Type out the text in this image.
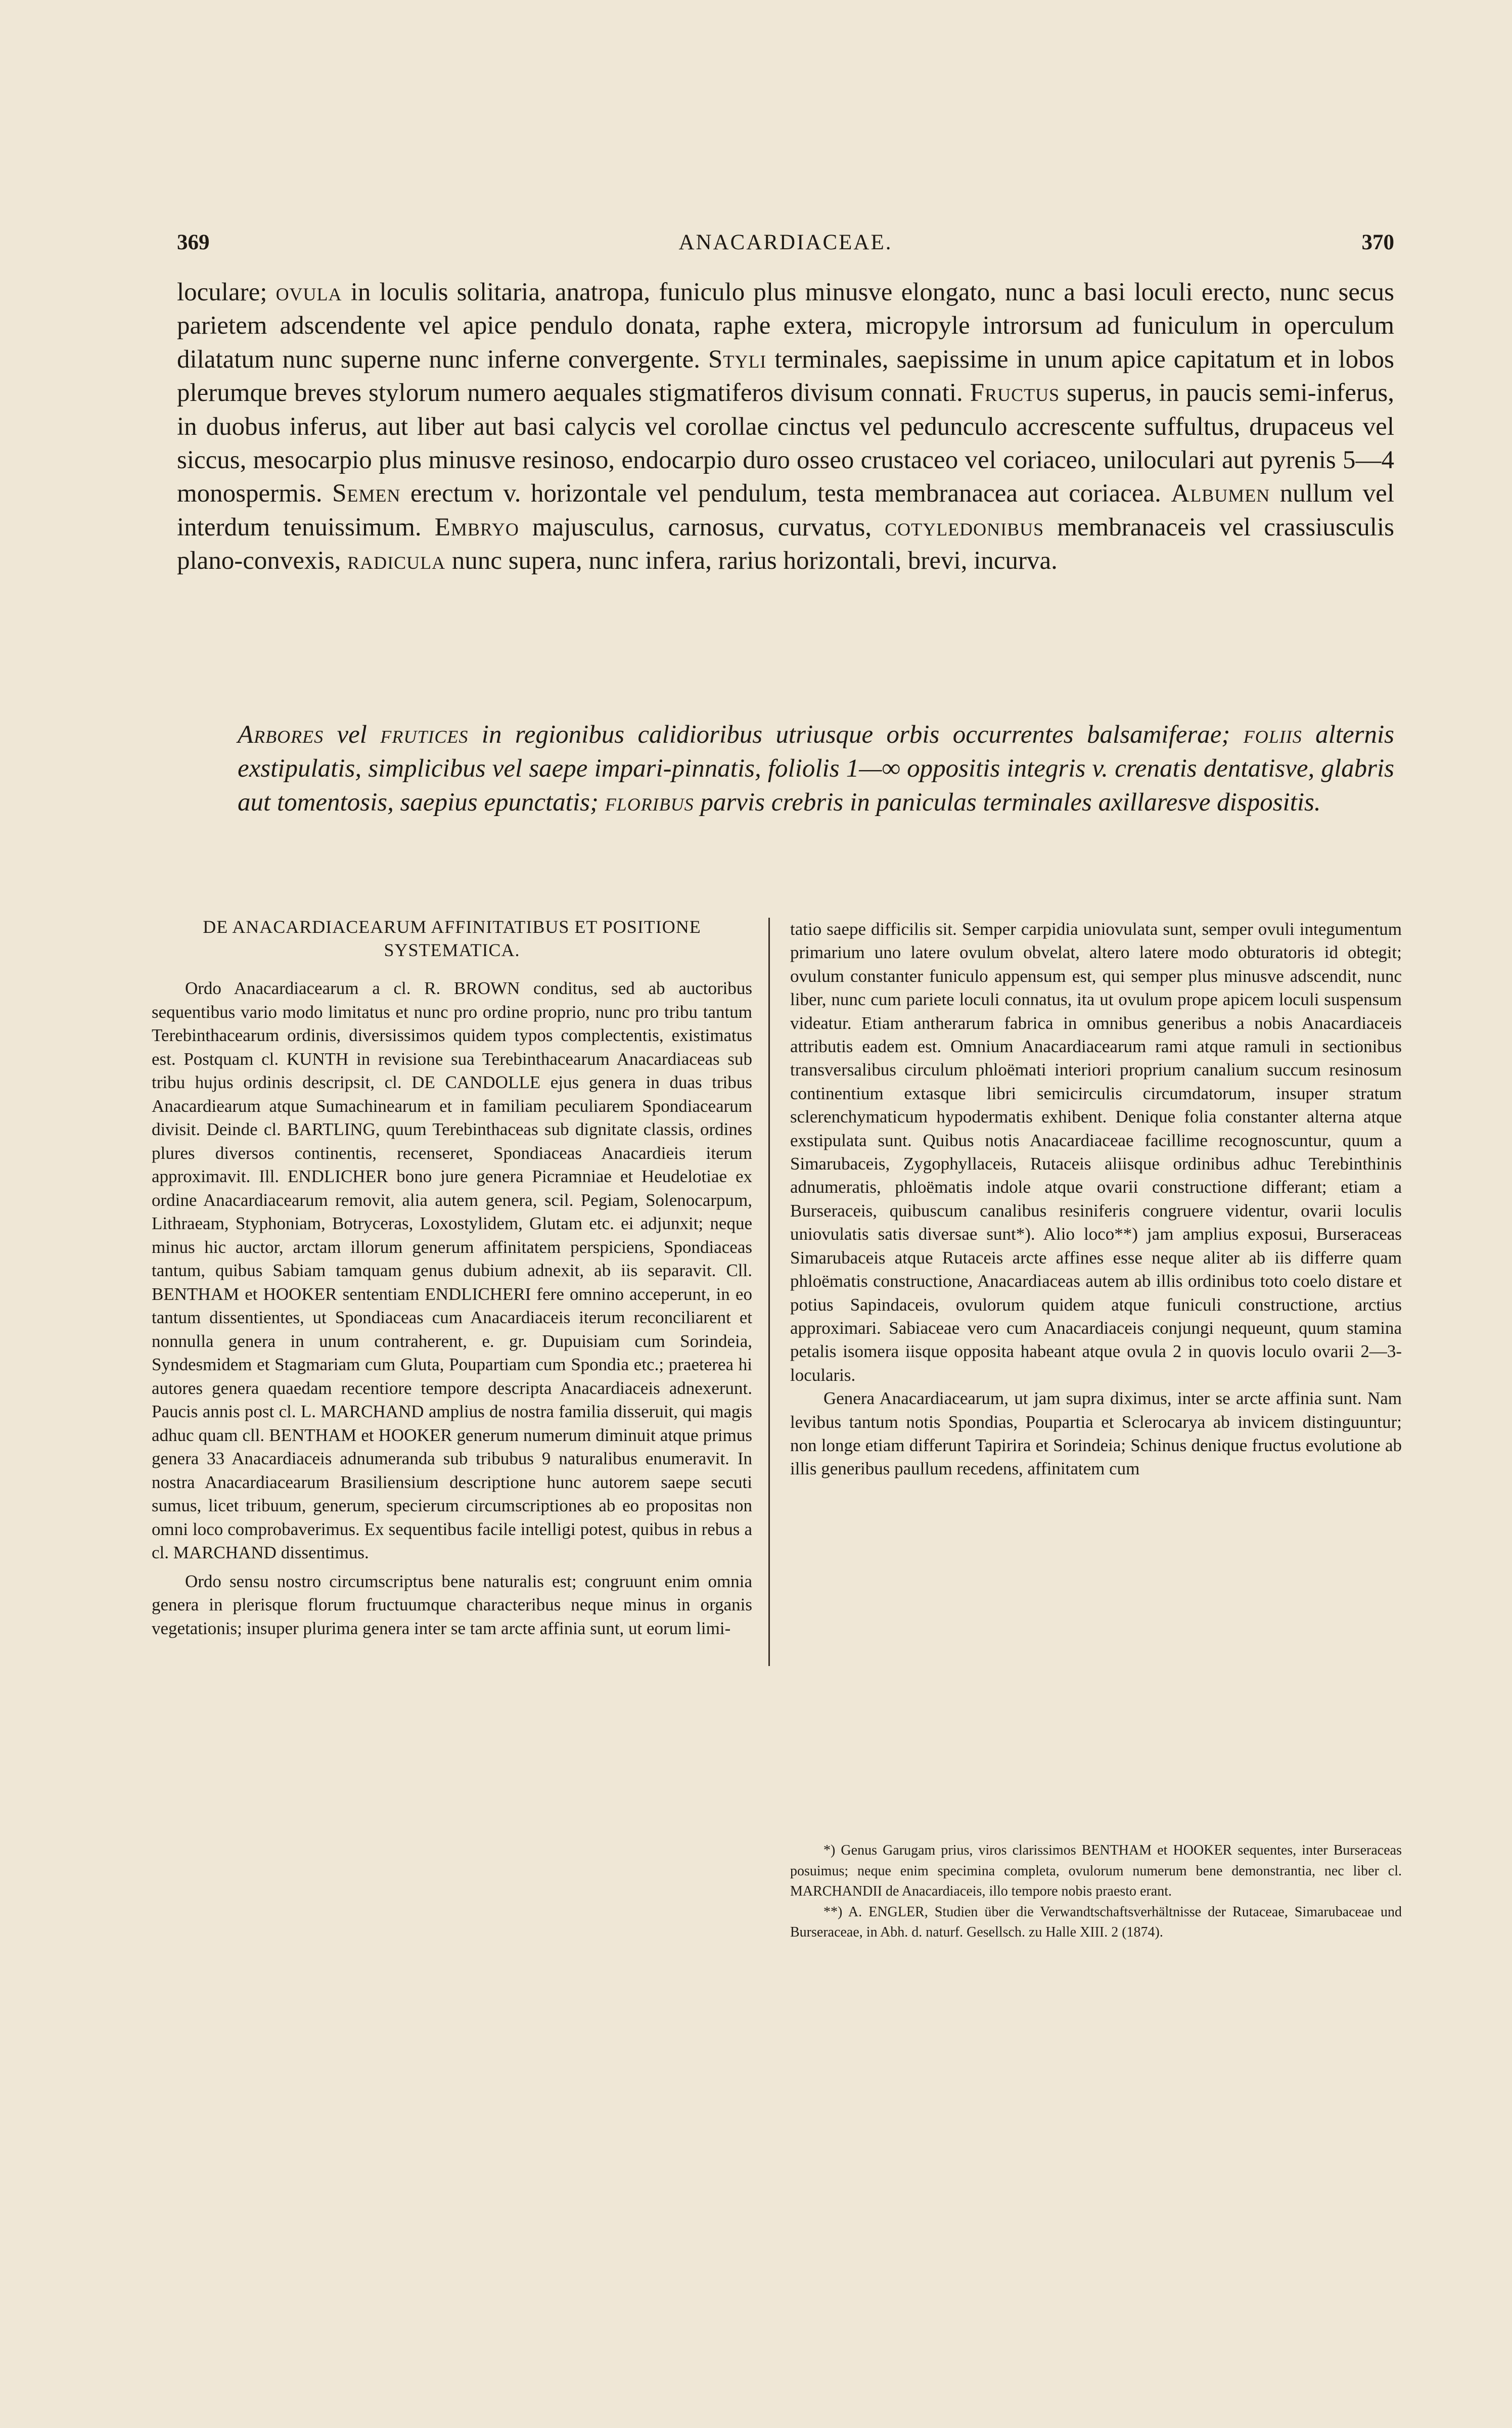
369	ANACARDIACEAE.	370

loculare; ovula in loculis solitaria, anatropa, funiculo plus minusve elongato, nunc a basi loculi erecto, nunc secus parietem adscendente vel apice pendulo donata, raphe extera, micropyle introrsum ad funiculum in operculum dilatatum nunc superne nunc inferne convergente. Styli terminales, saepissime in unum apice capitatum et in lobos plerumque breves stylorum numero aequales stigmatiferos divisum connati. Fructus superus, in paucis semi-inferus, in duobus inferus, aut liber aut basi calycis vel corollae cinctus vel pedunculo accrescente suffultus, drupaceus vel siccus, mesocarpio plus minusve resinoso, endocarpio duro osseo crustaceo vel coriaceo, uniloculari aut pyrenis 5—4 monospermis. Semen erectum v. horizontale vel pendulum, testa membranacea aut coriacea. Albumen nullum vel interdum tenuissimum. Embryo majusculus, carnosus, curvatus, cotyledonibus membranaceis vel crassiusculis plano-convexis, radicula nunc supera, nunc infera, rarius horizontali, brevi, incurva.

Arbores vel frutices in regionibus calidioribus utriusque orbis occurrentes balsamiferae; foliis alternis exstipulatis, simplicibus vel saepe impari-pinnatis, foliolis 1—∞ oppositis integris v. crenatis dentatisve, glabris aut tomentosis, saepius epunctatis; floribus parvis crebris in paniculas terminales axillaresve dispositis.

DE ANACARDIACEARUM AFFINITATIBUS ET POSITIONE SYSTEMATICA.

Ordo Anacardiacearum a cl. R. BROWN conditus, sed ab auctoribus sequentibus vario modo limitatus et nunc pro ordine proprio, nunc pro tribu tantum Terebinthacearum ordinis, diversissimos quidem typos complectentis, existimatus est. Postquam cl. KUNTH in revisione sua Terebinthacearum Anacardiaceas sub tribu hujus ordinis descripsit, cl. DE CANDOLLE ejus genera in duas tribus Anacardiearum atque Sumachinearum et in familiam peculiarem Spondiacearum divisit. Deinde cl. BARTLING, quum Terebinthaceas sub dignitate classis, ordines plures diversos continentis, recenseret, Spondiaceas Anacardieis iterum approximavit. Ill. ENDLICHER bono jure genera Picramniae et Heudelotiae ex ordine Anacardiacearum removit, alia autem genera, scil. Pegiam, Solenocarpum, Lithraeam, Styphoniam, Botryceras, Loxostylidem, Glutam etc. ei adjunxit; neque minus hic auctor, arctam illorum generum affinitatem perspiciens, Spondiaceas tantum, quibus Sabiam tamquam genus dubium adnexit, ab iis separavit. Cll. BENTHAM et HOOKER sententiam ENDLICHERI fere omnino acceperunt, in eo tantum dissentientes, ut Spondiaceas cum Anacardiaceis iterum reconciliarent et nonnulla genera in unum contraherent, e. gr. Dupuisiam cum Sorindeia, Syndesmidem et Stagmariam cum Gluta, Poupartiam cum Spondia etc.; praeterea hi autores genera quaedam recentiore tempore descripta Anacardiaceis adnexerunt. Paucis annis post cl. L. MARCHAND amplius de nostra familia disseruit, qui magis adhuc quam cll. BENTHAM et HOOKER generum numerum diminuit atque primus genera 33 Anacardiaceis adnumeranda sub tribubus 9 naturalibus enumeravit. In nostra Anacardiacearum Brasiliensium descriptione hunc autorem saepe secuti sumus, licet tribuum, generum, specierum circumscriptiones ab eo propositas non omni loco comprobaverimus. Ex sequentibus facile intelligi potest, quibus in rebus a cl. MARCHAND dissentimus.

Ordo sensu nostro circumscriptus bene naturalis est; congruunt enim omnia genera in plerisque florum fructuumque characteribus neque minus in organis vegetationis; insuper plurima genera inter se tam arcte affinia sunt, ut eorum limi-

tatio saepe difficilis sit. Semper carpidia uniovulata sunt, semper ovuli integumentum primarium uno latere ovulum obvelat, altero latere modo obturatoris id obtegit; ovulum constanter funiculo appensum est, qui semper plus minusve adscendit, nunc liber, nunc cum pariete loculi connatus, ita ut ovulum prope apicem loculi suspensum videatur. Etiam antherarum fabrica in omnibus generibus a nobis Anacardiaceis attributis eadem est. Omnium Anacardiacearum rami atque ramuli in sectionibus transversalibus circulum phloëmati interiori proprium canalium succum resinosum continentium extasque libri semicirculis circumdatorum, insuper stratum sclerenchymaticum hypodermatis exhibent. Denique folia constanter alterna atque exstipulata sunt. Quibus notis Anacardiaceae facillime recognoscuntur, quum a Simarubaceis, Zygophyllaceis, Rutaceis aliisque ordinibus adhuc Terebinthinis adnumeratis, phloëmatis indole atque ovarii constructione differant; etiam a Burseraceis, quibuscum canalibus resiniferis congruere videntur, ovarii loculis uniovulatis satis diversae sunt*). Alio loco**) jam amplius exposui, Burseraceas Simarubaceis atque Rutaceis arcte affines esse neque aliter ab iis differre quam phloëmatis constructione, Anacardiaceas autem ab illis ordinibus toto coelo distare et potius Sapindaceis, ovulorum quidem atque funiculi constructione, arctius approximari. Sabiaceae vero cum Anacardiaceis conjungi nequeunt, quum stamina petalis isomera iisque opposita habeant atque ovula 2 in quovis loculo ovarii 2—3-locularis.

Genera Anacardiacearum, ut jam supra diximus, inter se arcte affinia sunt. Nam levibus tantum notis Spondias, Poupartia et Sclerocarya ab invicem distinguuntur; non longe etiam differunt Tapirira et Sorindeia; Schinus denique fructus evolutione ab illis generibus paullum recedens, affinitatem cum

*) Genus Garugam prius, viros clarissimos BENTHAM et HOOKER sequentes, inter Burseraceas posuimus; neque enim specimina completa, ovulorum numerum bene demonstrantia, nec liber cl. MARCHANDII de Anacardiaceis, illo tempore nobis praesto erant.

**) A. ENGLER, Studien über die Verwandtschaftsverhältnisse der Rutaceae, Simarubaceae und Burseraceae, in Abh. d. naturf. Gesellsch. zu Halle XIII. 2 (1874).
